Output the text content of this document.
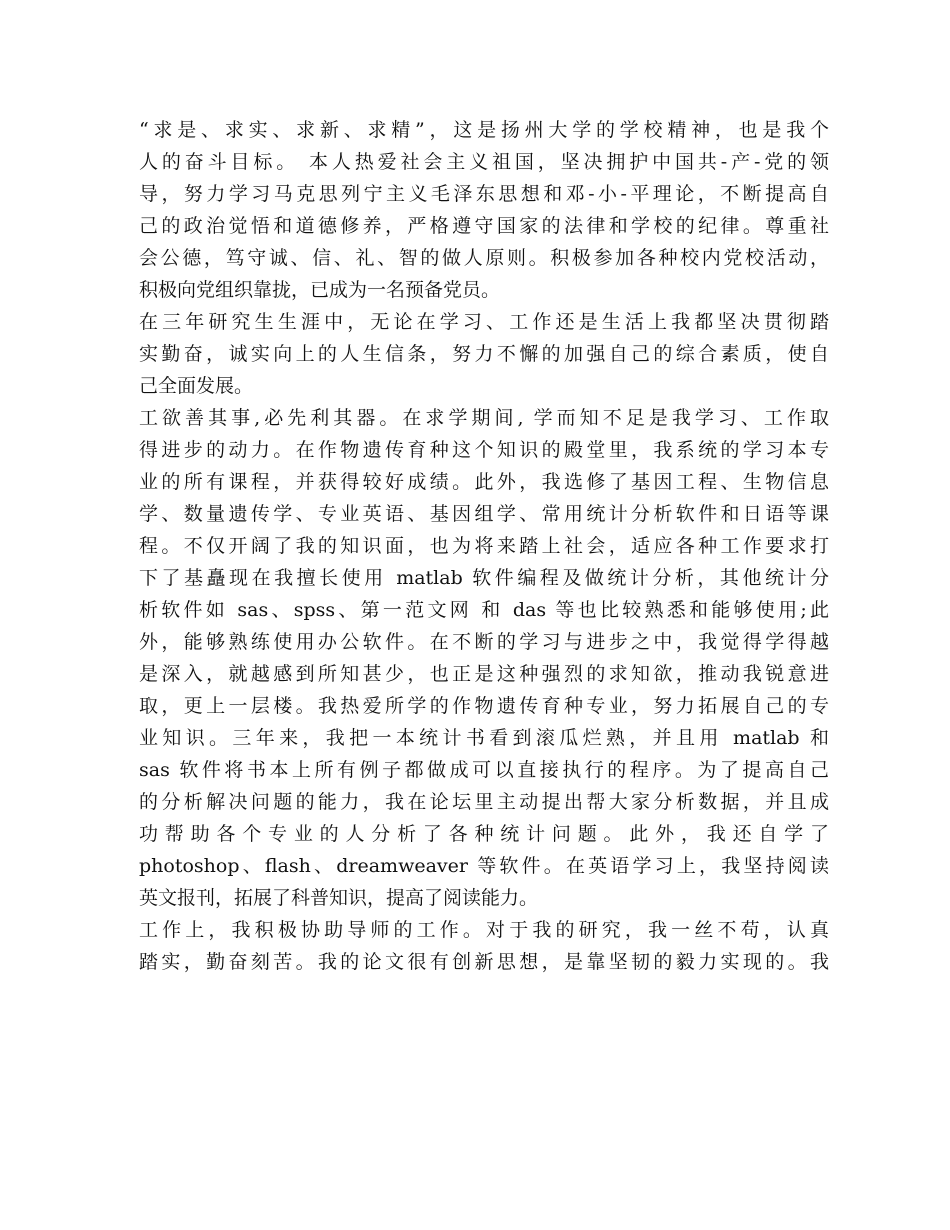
“求是、求实、求新、求精”，这是扬州大学的学校精神，也是我个
人的奋斗目标。 本人热爱社会主义祖国，坚决拥护中国共-产-党的领
导，努力学习马克思列宁主义毛泽东思想和邓-小-平理论，不断提高自
己的政治觉悟和道德修养，严格遵守国家的法律和学校的纪律。尊重社
会公德，笃守诚、信、礼、智的做人原则。积极参加各种校内党校活动，
积极向党组织靠拢，已成为一名预备党员。
在三年研究生生涯中，无论在学习、工作还是生活上我都坚决贯彻踏
实勤奋，诚实向上的人生信条，努力不懈的加强自己的综合素质，使自
己全面发展。
工欲善其事,必先利其器。在求学期间, 学而知不足是我学习、工作取
得进步的动力。在作物遗传育种这个知识的殿堂里，我系统的学习本专
业的所有课程，并获得较好成绩。此外，我选修了基因工程、生物信息
学、数量遗传学、专业英语、基因组学、常用统计分析软件和日语等课
程。不仅开阔了我的知识面，也为将来踏上社会，适应各种工作要求打
下了基矗现在我擅长使用 matlab 软件编程及做统计分析，其他统计分
析软件如 sas、spss、第一范文网 和 das 等也比较熟悉和能够使用;此
外，能够熟练使用办公软件。在不断的学习与进步之中，我觉得学得越
是深入，就越感到所知甚少，也正是这种强烈的求知欲，推动我锐意进
取，更上一层楼。我热爱所学的作物遗传育种专业，努力拓展自己的专
业知识。三年来，我把一本统计书看到滚瓜烂熟，并且用 matlab 和
sas 软件将书本上所有例子都做成可以直接执行的程序。为了提高自己
的分析解决问题的能力，我在论坛里主动提出帮大家分析数据，并且成
功帮助各个专业的人分析了各种统计问题。此外，我还自学了
photoshop、flash、dreamweaver 等软件。在英语学习上，我坚持阅读
英文报刊，拓展了科普知识，提高了阅读能力。
工作上，我积极协助导师的工作。对于我的研究，我一丝不苟，认真
踏实，勤奋刻苦。我的论文很有创新思想，是靠坚韧的毅力实现的。我
